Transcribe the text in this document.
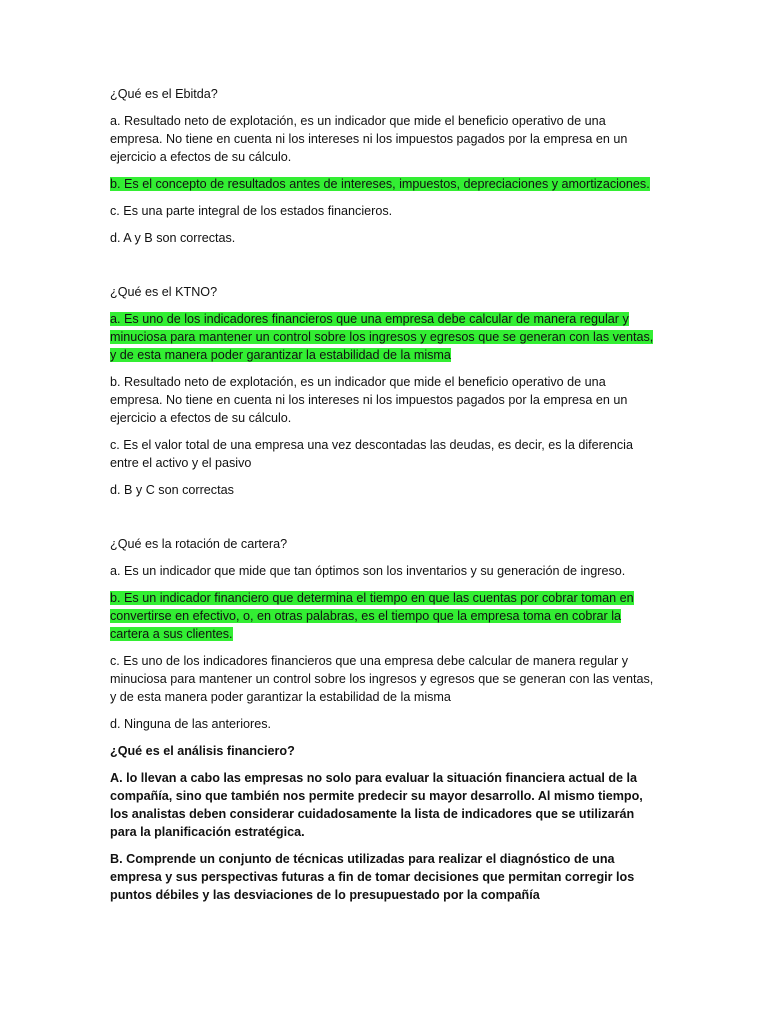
¿Qué es el Ebitda?

a. Resultado neto de explotación, es un indicador que mide el beneficio operativo de una empresa. No tiene en cuenta ni los intereses ni los impuestos pagados por la empresa en un ejercicio a efectos de su cálculo.

b. Es el concepto de resultados antes de intereses, impuestos, depreciaciones y amortizaciones.

c. Es una parte integral de los estados financieros.

d. A y B son correctas.

¿Qué es el KTNO?

a. Es uno de los indicadores financieros que una empresa debe calcular de manera regular y minuciosa para mantener un control sobre los ingresos y egresos que se generan con las ventas, y de esta manera poder garantizar la estabilidad de la misma

b. Resultado neto de explotación, es un indicador que mide el beneficio operativo de una empresa. No tiene en cuenta ni los intereses ni los impuestos pagados por la empresa en un ejercicio a efectos de su cálculo.

c. Es el valor total de una empresa una vez descontadas las deudas, es decir, es la diferencia entre el activo y el pasivo

d. B y C son correctas

¿Qué es la rotación de cartera?

a. Es un indicador que mide que tan óptimos son los inventarios y su generación de ingreso.

b. Es un indicador financiero que determina el tiempo en que las cuentas por cobrar toman en convertirse en efectivo, o, en otras palabras, es el tiempo que la empresa toma en cobrar la cartera a sus clientes.

c. Es uno de los indicadores financieros que una empresa debe calcular de manera regular y minuciosa para mantener un control sobre los ingresos y egresos que se generan con las ventas, y de esta manera poder garantizar la estabilidad de la misma

d. Ninguna de las anteriores.

¿Qué es el análisis financiero?

A. lo llevan a cabo las empresas no solo para evaluar la situación financiera actual de la compañía, sino que también nos permite predecir su mayor desarrollo. Al mismo tiempo, los analistas deben considerar cuidadosamente la lista de indicadores que se utilizarán para la planificación estratégica.

B. Comprende un conjunto de técnicas utilizadas para realizar el diagnóstico de una empresa y sus perspectivas futuras a fin de tomar decisiones que permitan corregir los puntos débiles y las desviaciones de lo presupuestado por la compañía
